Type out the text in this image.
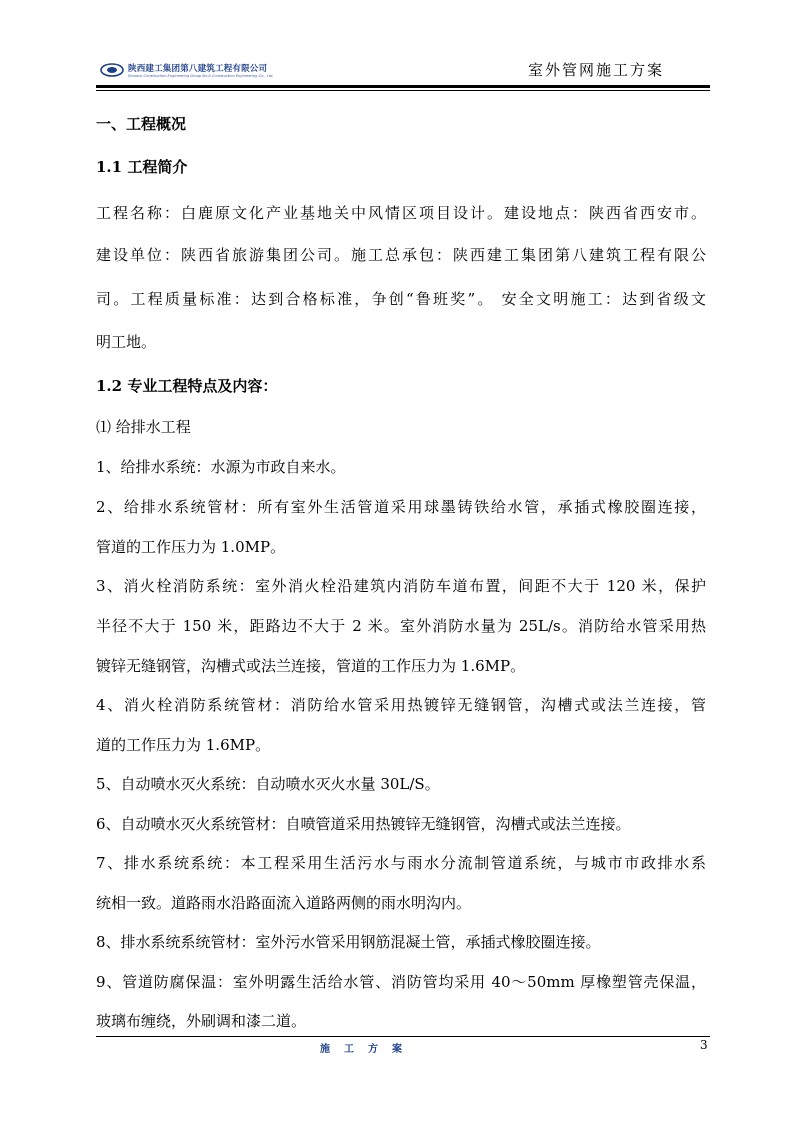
陕西建工集团第八建筑工程有限公司
Shaanxi Construction Engineering Group No.8 Construction Engineering Co., Ltd.	室外管网施工方案
一、工程概况
1.1 工程简介
工程名称：白鹿原文化产业基地关中风情区项目设计。建设地点：陕西省西安市。
建设单位：陕西省旅游集团公司。施工总承包：陕西建工集团第八建筑工程有限公
司。工程质量标准：达到合格标准，争创“鲁班奖”。 安全文明施工：达到省级文
明工地。
1.2 专业工程特点及内容：
⑴ 给排水工程
1、给排水系统：水源为市政自来水。
2、给排水系统管材：所有室外生活管道采用球墨铸铁给水管，承插式橡胶圈连接，
管道的工作压力为 1.0MP。
3、消火栓消防系统：室外消火栓沿建筑内消防车道布置，间距不大于 120 米，保护
半径不大于 150 米，距路边不大于 2 米。室外消防水量为 25L/s。消防给水管采用热
镀锌无缝钢管，沟槽式或法兰连接，管道的工作压力为 1.6MP。
4、消火栓消防系统管材：消防给水管采用热镀锌无缝钢管，沟槽式或法兰连接，管
道的工作压力为 1.6MP。
5、自动喷水灭火系统：自动喷水灭火水量 30L/S。
6、自动喷水灭火系统管材：自喷管道采用热镀锌无缝钢管，沟槽式或法兰连接。
7、排水系统系统：本工程采用生活污水与雨水分流制管道系统，与城市市政排水系
统相一致。道路雨水沿路面流入道路两侧的雨水明沟内。
8、排水系统系统管材：室外污水管采用钢筋混凝土管，承插式橡胶圈连接。
9、管道防腐保温：室外明露生活给水管、消防管均采用 40～50mm 厚橡塑管壳保温，
玻璃布缠绕，外刷调和漆二道。
施工方案	3
